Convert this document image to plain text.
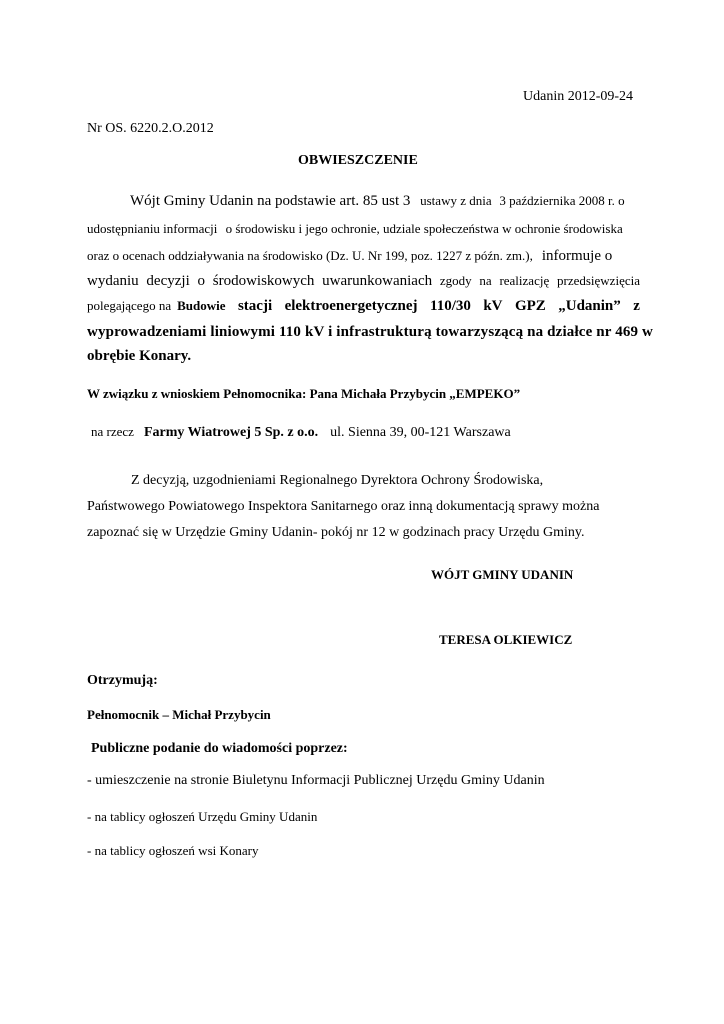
Udanin 2012-09-24
Nr OS. 6220.2.O.2012
OBWIESZCZENIE
Wójt Gminy Udanin na podstawie art. 85 ust 3 ustawy z dnia 3 października 2008 r. o
udostępnianiu informacji o środowisku i jego ochronie, udziale społeczeństwa w ochronie środowiska
oraz o ocenach oddziaływania na środowisko (Dz. U. Nr 199, poz. 1227 z późn. zm.), informuje o
wydaniu decyzji o środowiskowych uwarunkowaniach zgody na realizację przedsięwzięcia
polegającego na Budowie stacji elektroenergetycznej 110/30 kV GPZ „Udanin” z
wyprowadzeniami liniowymi 110 kV i infrastrukturą towarzyszącą na działce nr 469 w
obrębie Konary.
W związku z wnioskiem Pełnomocnika: Pana Michała Przybycin „EMPEKO”
na rzecz Farmy Wiatrowej 5 Sp. z o.o. ul. Sienna 39, 00-121 Warszawa
Z decyzją, uzgodnieniami Regionalnego Dyrektora Ochrony Środowiska,
Państwowego Powiatowego Inspektora Sanitarnego oraz inną dokumentacją sprawy można
zapoznać się w Urzędzie Gminy Udanin- pokój nr 12 w godzinach pracy Urzędu Gminy.
WÓJT GMINY UDANIN
TERESA OLKIEWICZ
Otrzymują:
Pełnomocnik – Michał Przybycin
Publiczne podanie do wiadomości poprzez:
- umieszczenie na stronie Biuletynu Informacji Publicznej Urzędu Gminy Udanin
- na tablicy ogłoszeń Urzędu Gminy Udanin
- na tablicy ogłoszeń wsi Konary
